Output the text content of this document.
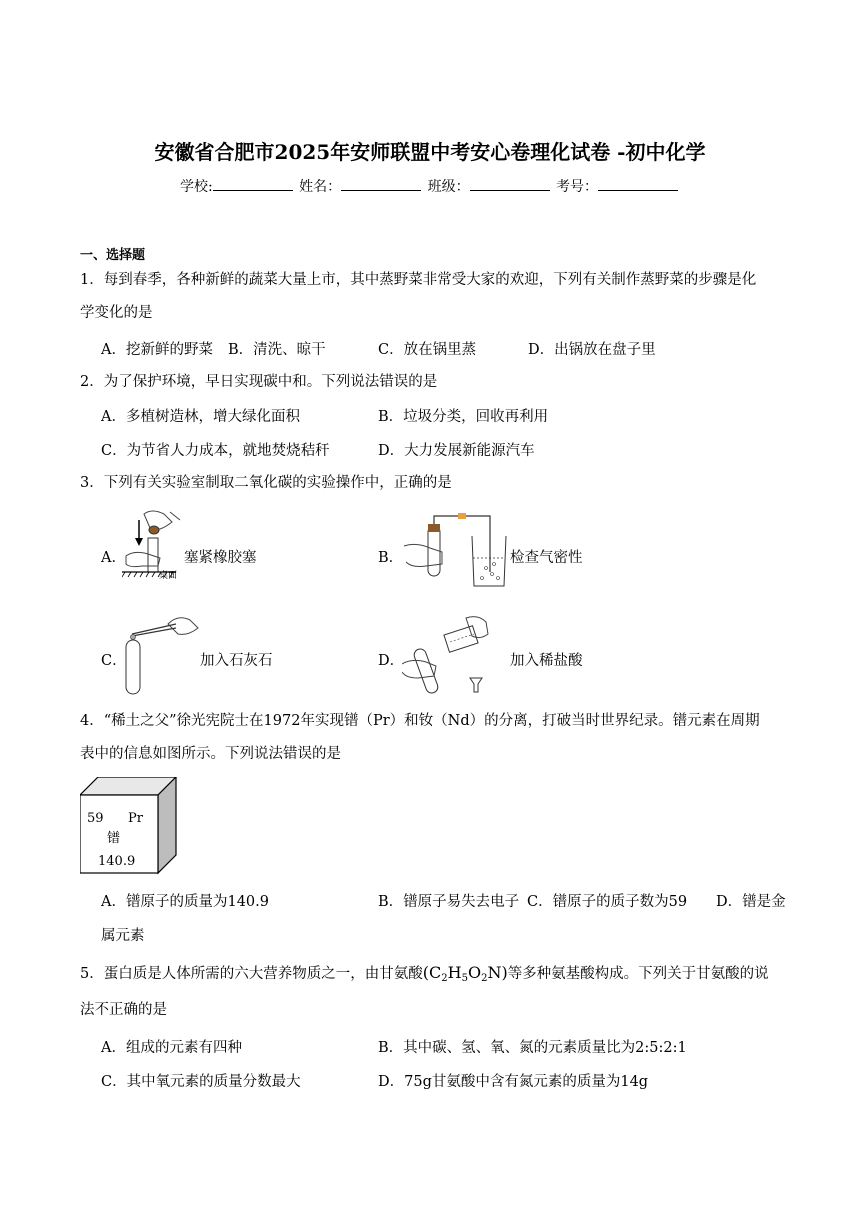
安徽省合肥市2025年安师联盟中考安心卷理化试卷 -初中化学
学校:	姓名：	班级：	考号：
一、选择题
1．每到春季，各种新鲜的蔬菜大量上市，其中蒸野菜非常受大家的欢迎，下列有关制作蒸野菜的步骤是化
学变化的是
A．挖新鲜的野菜 B．清洗、晾干	C．放在锅里蒸	D．出锅放在盘子里
2．为了保护环境，早日实现碳中和。下列说法错误的是
A．多植树造林，增大绿化面积	B．垃圾分类，回收再利用
C．为节省人力成本，就地焚烧秸秆	D．大力发展新能源汽车
3．下列有关实验室制取二氧化碳的实验操作中，正确的是
A．
桌面
塞紧橡胶塞	B．	检查气密性
C．	加入石灰石	D．	加入稀盐酸
4．“稀土之父”徐光宪院士在1972年实现镨（Pr）和钕（Nd）的分离，打破当时世界纪录。镨元素在周期
表中的信息如图所示。下列说法错误的是
59 Pr
镨
140.9
A．镨原子的质量为140.9	B．镨原子易失去电子 C．镨原子的质子数为59 D．镨是金
属元素
5．蛋白质是人体所需的六大营养物质之一，由甘氨酸$(C_2H_5O_2N)$等多种氨基酸构成。下列关于甘氨酸的说
法不正确的是
A．组成的元素有四种	B．其中碳、氢、氧、氮的元素质量比为2:5:2:1
C．其中氧元素的质量分数最大	D．75g甘氨酸中含有氮元素的质量为14g
